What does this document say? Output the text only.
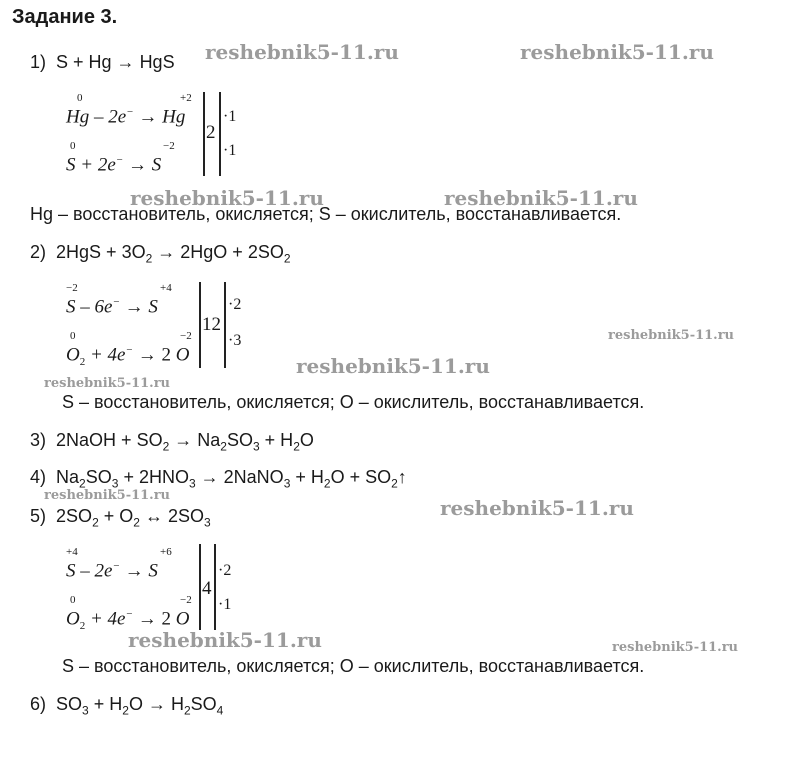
Задание 3.
1) S + Hg → HgS
0
Hg – 2e− → Hg
+2
0
S + 2e− → S
−2
2
·1
·1
Hg – восстановитель, окисляется; S – окислитель, восстанавливается.
2) $2HgS + 3O_2 \to 2HgO + 2SO_2$
−2
S – 6e− → S
+4
0
$O_2 + 4e^- \to 2$ O
−2
12
·2
·3
S – восстановитель, окисляется; O – окислитель, восстанавливается.
3) 2NaOH + $SO_2 \to Na_2SO_3 + H_2O$
4) $Na_2SO_3 + 2HNO_3$ → 2NaNO$_3$ + $H_2O$ + $SO_2↑$
5) $2SO_2 + O_2$ ↔ $2SO_3$
+4
S – 2e− → S
+6
0
$O_2 + 4e^- \to 2$ O
−2
4
·2
·1
S – восстановитель, окисляется; O – окислитель, восстанавливается.
6) $SO_3 + H_2O \to H_2SO_4$
reshebnik5-11.ru	reshebnik5-11.ru
reshebnik5-11.ru	reshebnik5-11.ru
reshebnik5-11.ru
reshebnik5-11.ru
reshebnik5-11.ru
reshebnik5-11.ru
reshebnik5-11.ru
reshebnik5-11.ru	reshebnik5-11.ru
